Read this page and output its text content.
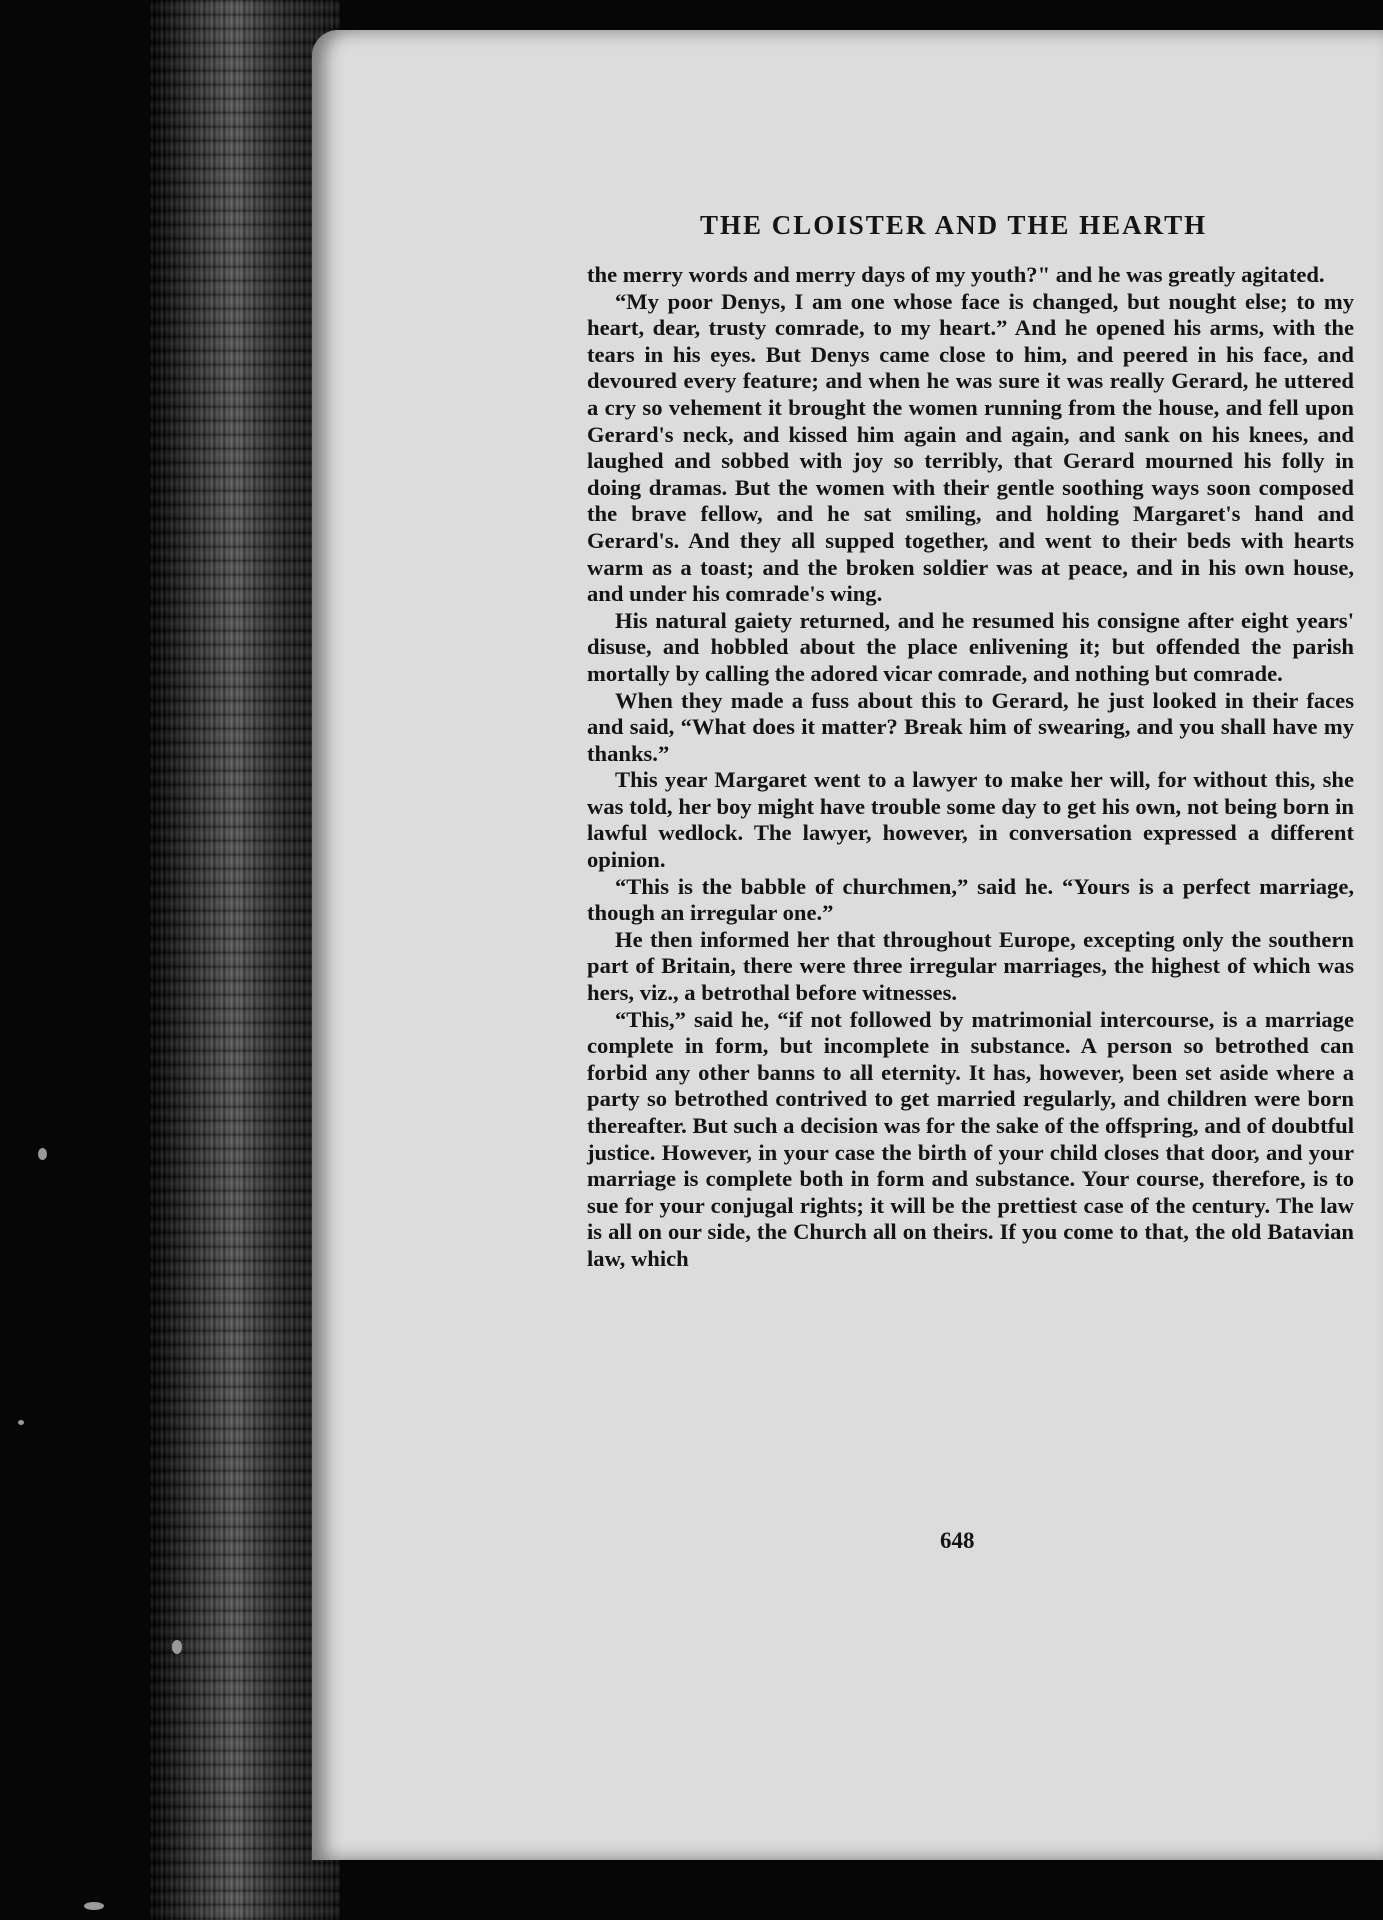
THE CLOISTER AND THE HEARTH

the merry words and merry days of my youth?" and he was greatly agitated.

“My poor Denys, I am one whose face is changed, but nought else; to my heart, dear, trusty comrade, to my heart.” And he opened his arms, with the tears in his eyes. But Denys came close to him, and peered in his face, and devoured every feature; and when he was sure it was really Gerard, he uttered a cry so vehement it brought the women running from the house, and fell upon Gerard's neck, and kissed him again and again, and sank on his knees, and laughed and sobbed with joy so terribly, that Gerard mourned his folly in doing dramas. But the women with their gentle soothing ways soon composed the brave fellow, and he sat smiling, and holding Margaret's hand and Gerard's. And they all supped together, and went to their beds with hearts warm as a toast; and the broken soldier was at peace, and in his own house, and under his comrade's wing.

His natural gaiety returned, and he resumed his consigne after eight years' disuse, and hobbled about the place enlivening it; but offended the parish mortally by calling the adored vicar comrade, and nothing but comrade.

When they made a fuss about this to Gerard, he just looked in their faces and said, “What does it matter? Break him of swearing, and you shall have my thanks.”

This year Margaret went to a lawyer to make her will, for without this, she was told, her boy might have trouble some day to get his own, not being born in lawful wedlock. The lawyer, however, in conversation expressed a different opinion.

“This is the babble of churchmen,” said he. “Yours is a perfect marriage, though an irregular one.”

He then informed her that throughout Europe, excepting only the southern part of Britain, there were three irregular marriages, the highest of which was hers, viz., a betrothal before witnesses.

“This,” said he, “if not followed by matrimonial intercourse, is a marriage complete in form, but incomplete in substance. A person so betrothed can forbid any other banns to all eternity. It has, however, been set aside where a party so betrothed contrived to get married regularly, and children were born thereafter. But such a decision was for the sake of the offspring, and of doubtful justice. However, in your case the birth of your child closes that door, and your marriage is complete both in form and substance. Your course, therefore, is to sue for your conjugal rights; it will be the prettiest case of the century. The law is all on our side, the Church all on theirs. If you come to that, the old Batavian law, which

648
